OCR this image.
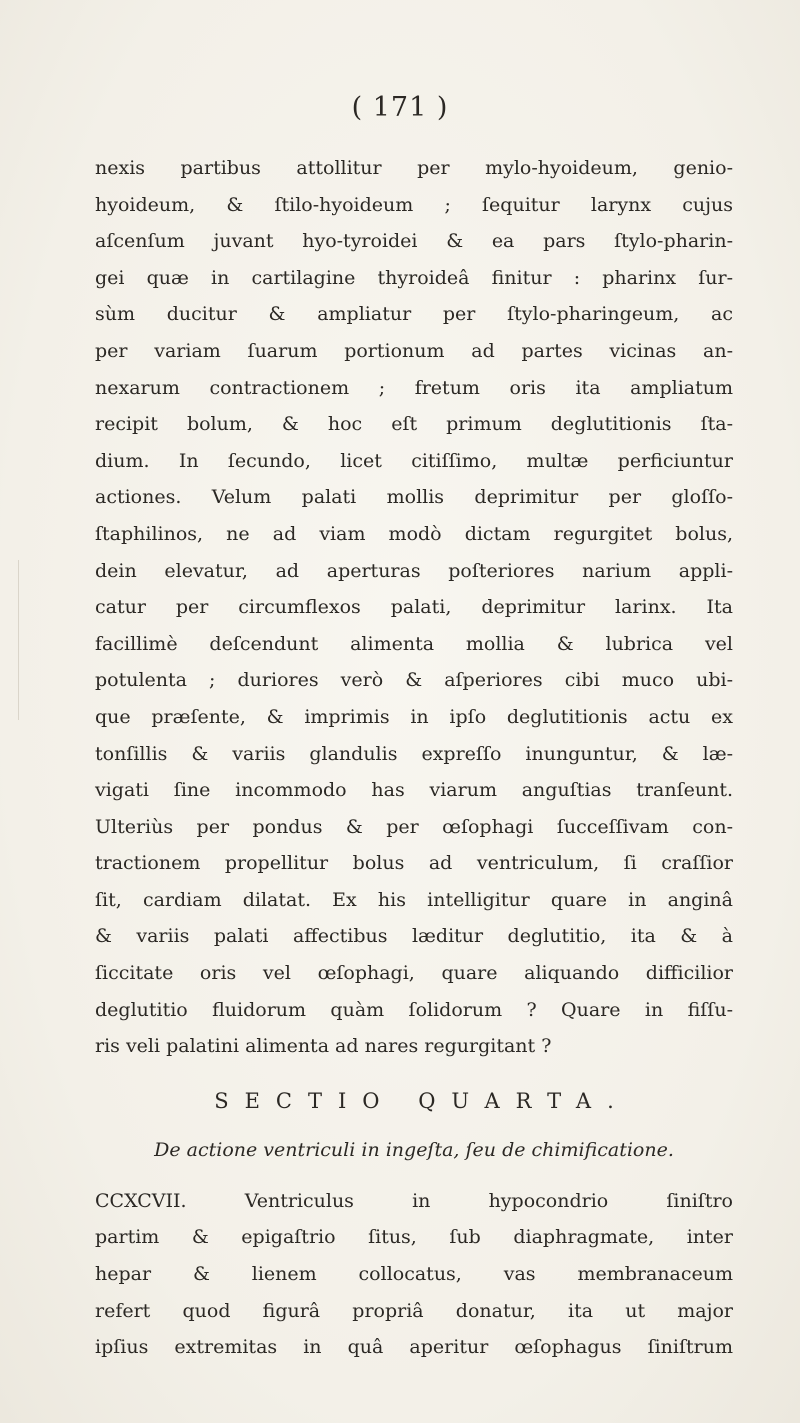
( 171 )
nexis partibus attollitur per mylo-hyoideum, genio-
hyoideum, & ſtilo-hyoideum ; ſequitur larynx cujus
aſcenſum juvant hyo-tyroidei & ea pars ſtylo-pharin-
gei quæ in cartilagine thyroideâ finitur : pharinx ſur-
sùm ducitur & ampliatur per ſtylo-pharingeum, ac
per variam ſuarum portionum ad partes vicinas an-
nexarum contractionem ; fretum oris ita ampliatum
recipit bolum, & hoc eſt primum deglutitionis ſta-
dium. In ſecundo, licet citiſſimo, multæ perficiuntur
actiones. Velum palati mollis deprimitur per gloſſo-
ſtaphilinos, ne ad viam modò dictam regurgitet bolus,
dein elevatur, ad aperturas poſteriores narium appli-
catur per circumflexos palati, deprimitur larinx. Ita
facillimè deſcendunt alimenta mollia & lubrica vel
potulenta ; duriores verò & aſperiores cibi muco ubi-
que præſente, & imprimis in ipſo deglutitionis actu ex
tonſillis & variis glandulis expreſſo inunguntur, & læ-
vigati ſine incommodo has viarum anguſtias tranſeunt.
Ulteriùs per pondus & per œſophagi ſucceſſivam con-
tractionem propellitur bolus ad ventriculum, ſi craſſior
ſit, cardiam dilatat. Ex his intelligitur quare in anginâ
& variis palati affectibus læditur deglutitio, ita & à
ſiccitate oris vel œſophagi, quare aliquando difficilior
deglutitio fluidorum quàm ſolidorum ? Quare in fiſſu-
ris veli palatini alimenta ad nares regurgitant ?
SECTIO QUARTA.
De actione ventriculi in ingeſta, ſeu de chimificatione.
CCXCVII. Ventriculus in hypocondrio ſiniſtro
partim & epigaſtrio ſitus, ſub diaphragmate, inter
hepar & lienem collocatus, vas membranaceum
refert quod figurâ propriâ donatur, ita ut major
ipſius extremitas in quâ aperitur œſophagus ſiniſtrum
